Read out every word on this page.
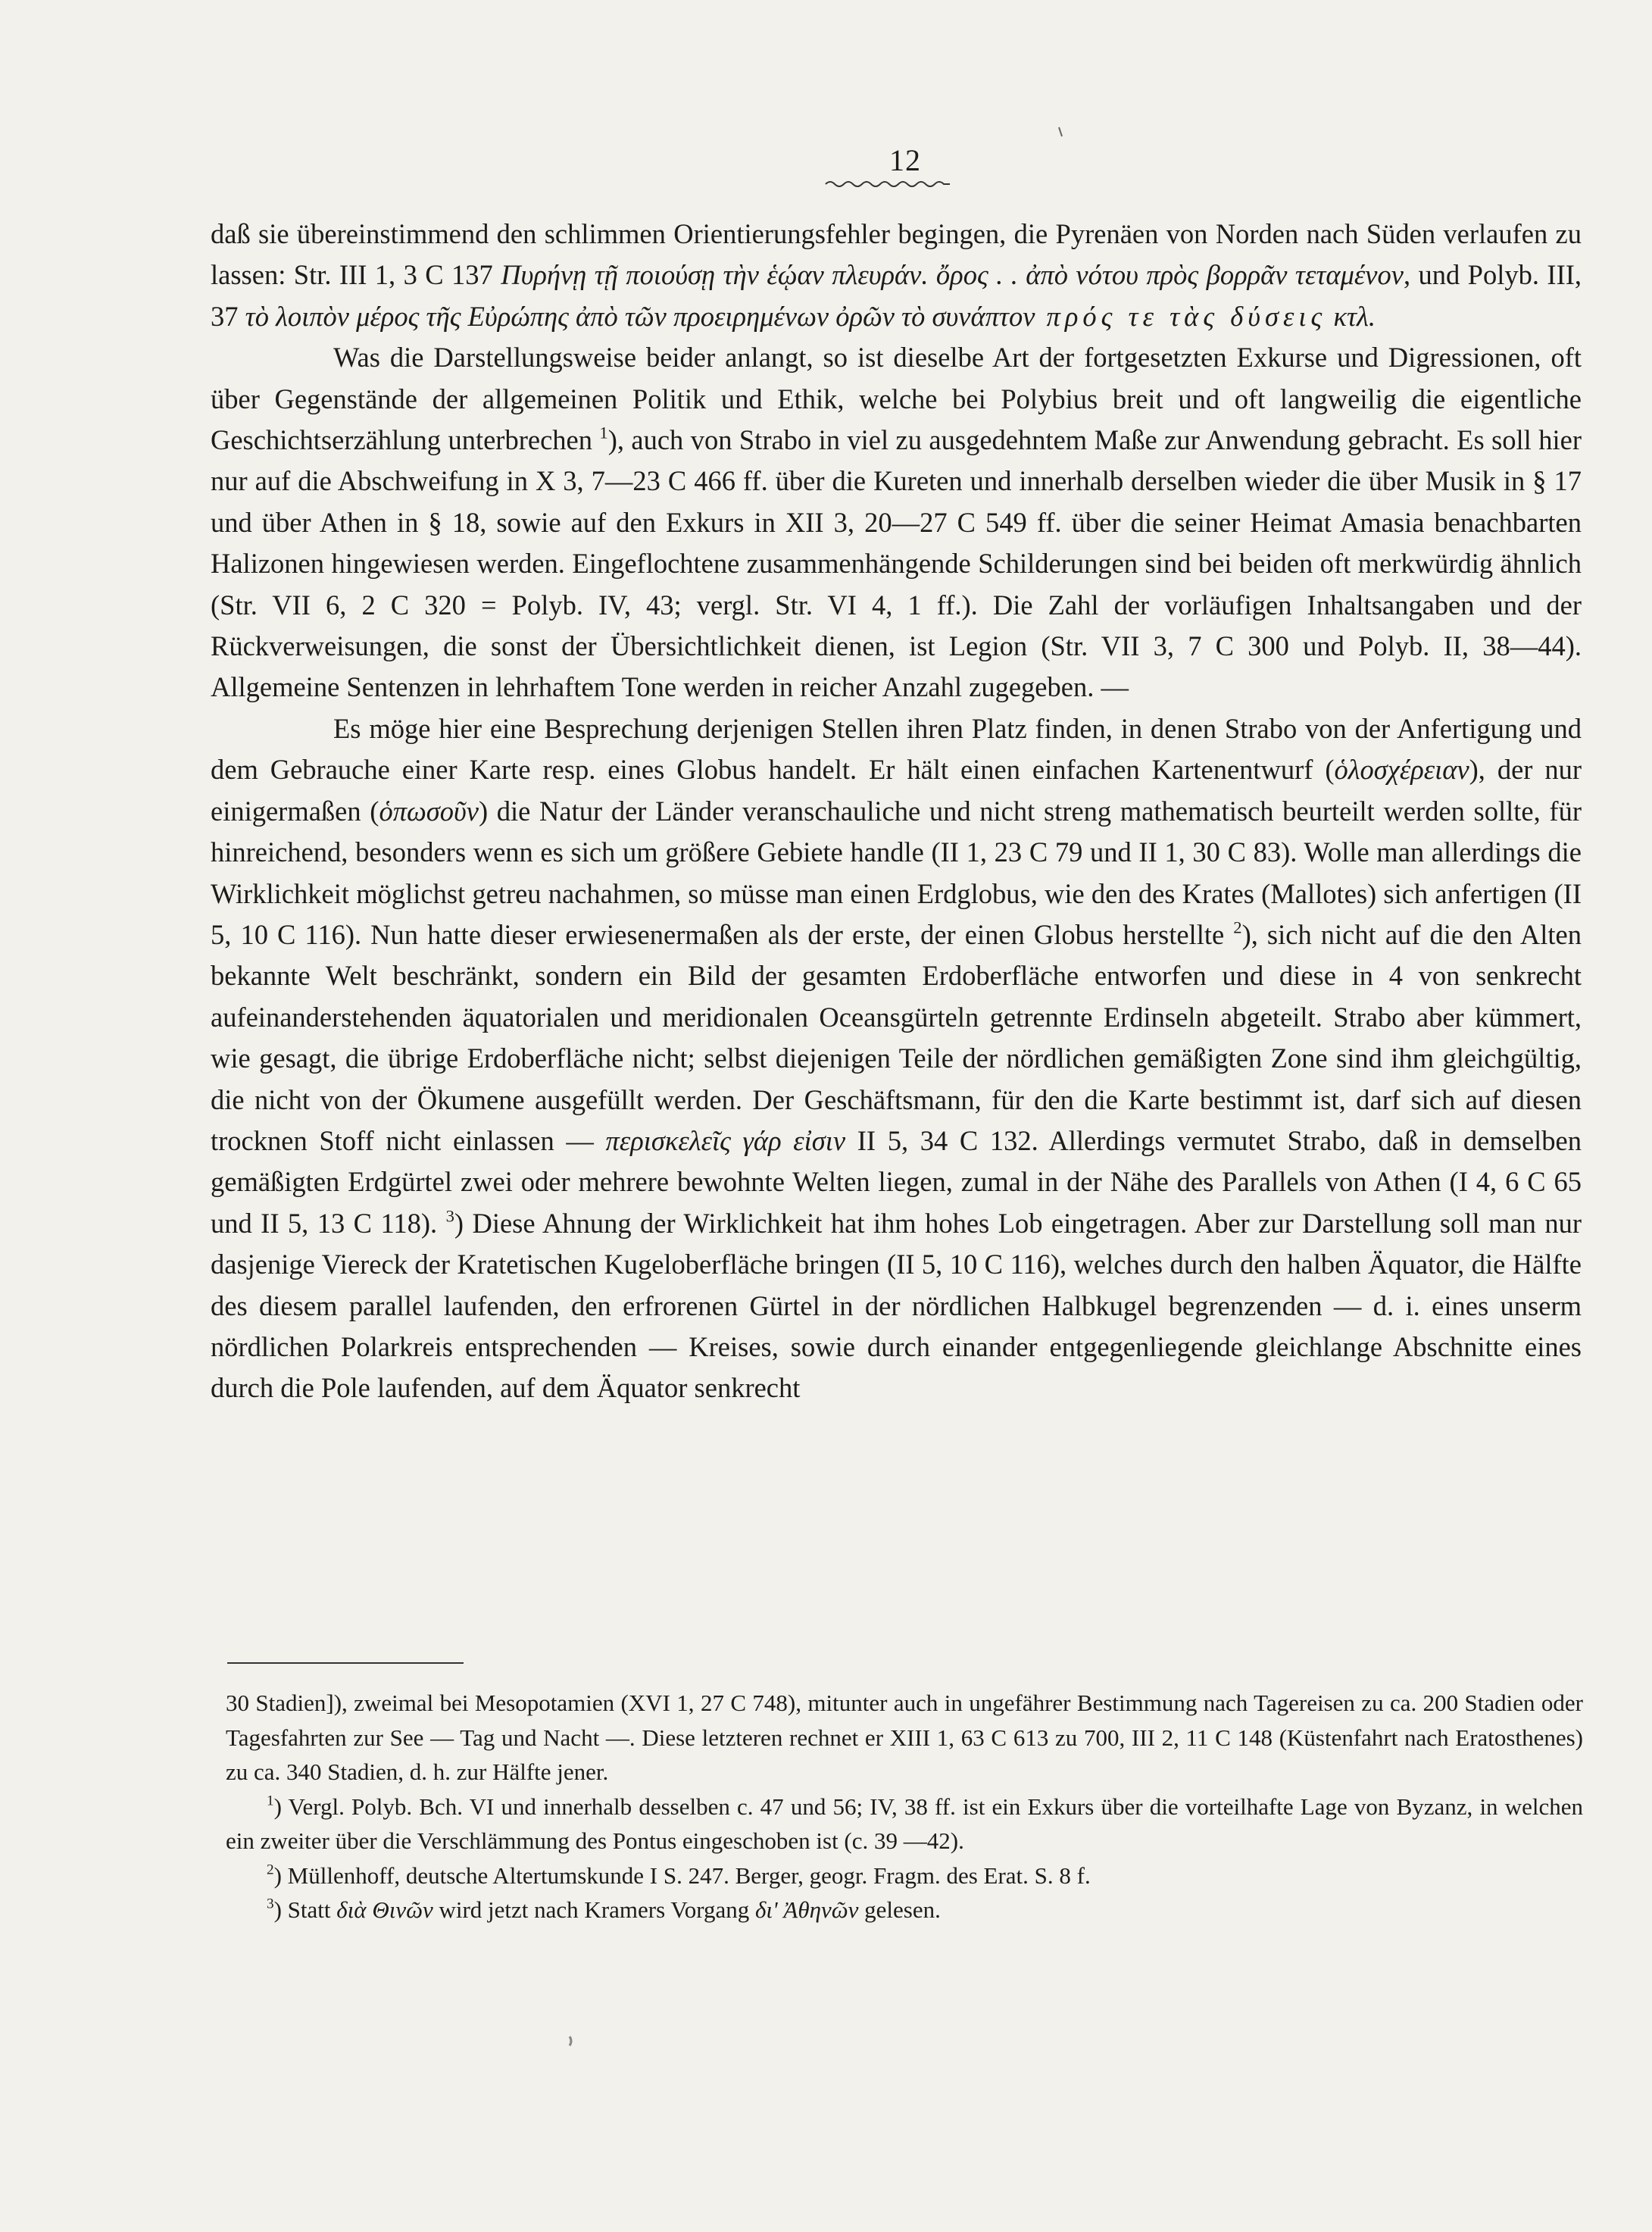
12

daß sie übereinstimmend den schlimmen Orientierungsfehler begingen, die Pyrenäen von Norden nach Süden verlaufen zu lassen: Str. III 1, 3 C 137 Πυρήνῃ τῇ ποιούσῃ τὴν ἑῴαν πλευράν. ὄρος . . ἀπὸ νότου πρὸς βορρᾶν τεταμένον, und Polyb. III, 37 τὸ λοιπὸν μέρος τῆς Εὐρώπης ἀπὸ τῶν προειρημένων ὀρῶν τὸ συνάπτον πρός τε τὰς δύσεις κτλ.

Was die Darstellungsweise beider anlangt, so ist dieselbe Art der fortgesetzten Exkurse und Digressionen, oft über Gegenstände der allgemeinen Politik und Ethik, welche bei Polybius breit und oft langweilig die eigentliche Geschichtserzählung unterbrechen $^1$), auch von Strabo in viel zu ausgedehntem Maße zur Anwendung gebracht. Es soll hier nur auf die Abschweifung in X 3, 7—23 C 466 ff. über die Kureten und innerhalb derselben wieder die über Musik in § 17 und über Athen in § 18, sowie auf den Exkurs in XII 3, 20—27 C 549 ff. über die seiner Heimat Amasia benachbarten Halizonen hingewiesen werden. Eingeflochtene zusammenhängende Schilderungen sind bei beiden oft merkwürdig ähnlich (Str. VII 6, 2 C 320 = Polyb. IV, 43; vergl. Str. VI 4, 1 ff.). Die Zahl der vorläufigen Inhaltsangaben und der Rückverweisungen, die sonst der Übersichtlichkeit dienen, ist Legion (Str. VII 3, 7 C 300 und Polyb. II, 38—44). Allgemeine Sentenzen in lehrhaftem Tone werden in reicher Anzahl zugegeben. —

Es möge hier eine Besprechung derjenigen Stellen ihren Platz finden, in denen Strabo von der Anfertigung und dem Gebrauche einer Karte resp. eines Globus handelt. Er hält einen einfachen Kartenentwurf (ὁλοσχέρειαν), der nur einigermaßen (ὁπωσοῦν) die Natur der Länder veranschauliche und nicht streng mathematisch beurteilt werden sollte, für hinreichend, besonders wenn es sich um größere Gebiete handle (II 1, 23 C 79 und II 1, 30 C 83). Wolle man allerdings die Wirklichkeit möglichst getreu nachahmen, so müsse man einen Erdglobus, wie den des Krates (Mallotes) sich anfertigen (II 5, 10 C 116). Nun hatte dieser erwiesenermaßen als der erste, der einen Globus herstellte $^2$), sich nicht auf die den Alten bekannte Welt beschränkt, sondern ein Bild der gesamten Erdoberfläche entworfen und diese in 4 von senkrecht aufeinanderstehenden äquatorialen und meridionalen Oceansgürteln getrennte Erdinseln abgeteilt. Strabo aber kümmert, wie gesagt, die übrige Erdoberfläche nicht; selbst diejenigen Teile der nördlichen gemäßigten Zone sind ihm gleichgültig, die nicht von der Ökumene ausgefüllt werden. Der Geschäftsmann, für den die Karte bestimmt ist, darf sich auf diesen trocknen Stoff nicht einlassen — περισκελεῖς γάρ εἰσιν II 5, 34 C 132. Allerdings vermutet Strabo, daß in demselben gemäßigten Erdgürtel zwei oder mehrere bewohnte Welten liegen, zumal in der Nähe des Parallels von Athen (I 4, 6 C 65 und II 5, 13 C 118). $^3$) Diese Ahnung der Wirklichkeit hat ihm hohes Lob eingetragen. Aber zur Darstellung soll man nur dasjenige Viereck der Kratetischen Kugeloberfläche bringen (II 5, 10 C 116), welches durch den halben Äquator, die Hälfte des diesem parallel laufenden, den erfrorenen Gürtel in der nördlichen Halbkugel begrenzenden — d. i. eines unserm nördlichen Polarkreis entsprechenden — Kreises, sowie durch einander entgegenliegende gleichlange Abschnitte eines durch die Pole laufenden, auf dem Äquator senkrecht

30 Stadien]), zweimal bei Mesopotamien (XVI 1, 27 C 748), mitunter auch in ungefährer Bestimmung nach Tagereisen zu ca. 200 Stadien oder Tagesfahrten zur See — Tag und Nacht —. Diese letzteren rechnet er XIII 1, 63 C 613 zu 700, III 2, 11 C 148 (Küstenfahrt nach Eratosthenes) zu ca. 340 Stadien, d. h. zur Hälfte jener.

$^1$) Vergl. Polyb. Bch. VI und innerhalb desselben c. 47 und 56; IV, 38 ff. ist ein Exkurs über die vorteilhafte Lage von Byzanz, in welchen ein zweiter über die Verschlämmung des Pontus eingeschoben ist (c. 39 —42).

$^2$) Müllenhoff, deutsche Altertumskunde I S. 247. Berger, geogr. Fragm. des Erat. S. 8 f.

$^3$) Statt διὰ Θινῶν wird jetzt nach Kramers Vorgang δι' Ἀθηνῶν gelesen.
